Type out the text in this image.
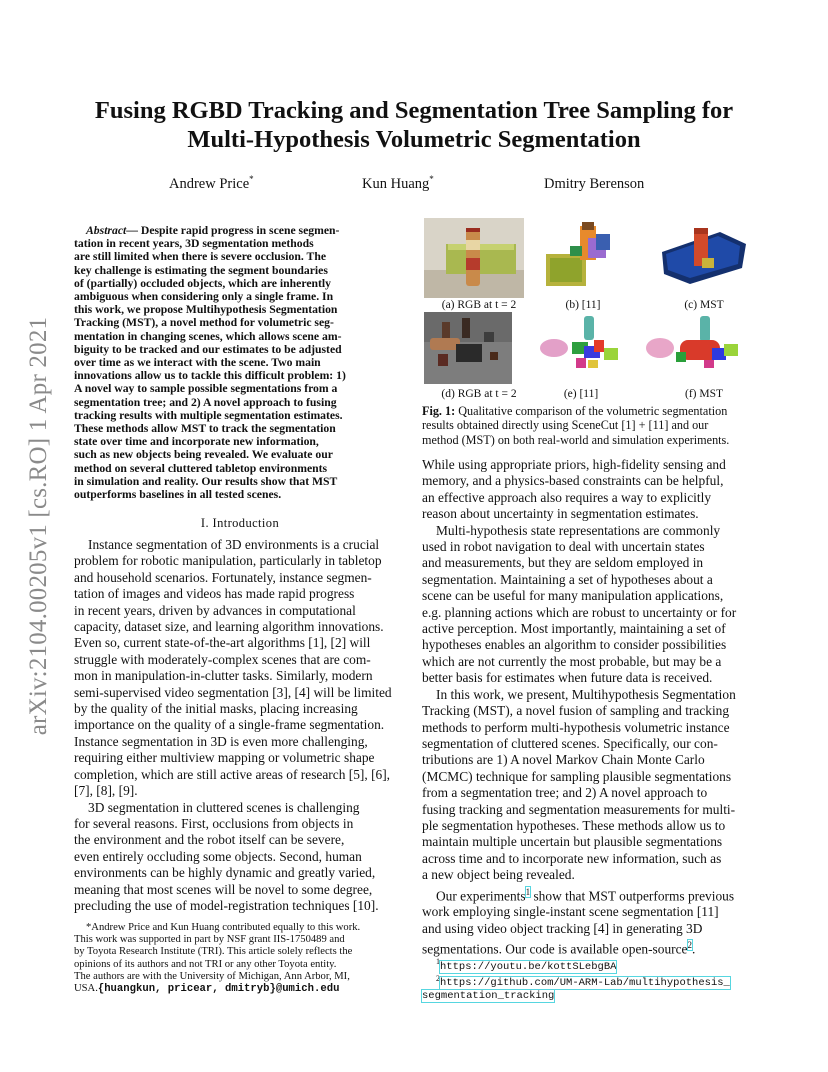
arXiv:2104.00205v1 [cs.RO] 1 Apr 2021
Fusing RGBD Tracking and Segmentation Tree Sampling for
Multi-Hypothesis Volumetric Segmentation
Andrew Price*	Kun Huang*	Dmitry Berenson
Abstract— Despite rapid progress in scene segmen-
tation in recent years, 3D segmentation methods
are still limited when there is severe occlusion. The
key challenge is estimating the segment boundaries
of (partially) occluded objects, which are inherently
ambiguous when considering only a single frame. In
this work, we propose Multihypothesis Segmentation
Tracking (MST), a novel method for volumetric seg-
mentation in changing scenes, which allows scene am-
biguity to be tracked and our estimates to be adjusted
over time as we interact with the scene. Two main
innovations allow us to tackle this difficult problem: 1)
A novel way to sample possible segmentations from a
segmentation tree; and 2) A novel approach to fusing
tracking results with multiple segmentation estimates.
These methods allow MST to track the segmentation
state over time and incorporate new information,
such as new objects being revealed. We evaluate our
method on several cluttered tabletop environments
in simulation and reality. Our results show that MST
outperforms baselines in all tested scenes.
I. Introduction
Instance segmentation of 3D environments is a crucial
problem for robotic manipulation, particularly in tabletop
and household scenarios. Fortunately, instance segmen-
tation of images and videos has made rapid progress
in recent years, driven by advances in computational
capacity, dataset size, and learning algorithm innovations.
Even so, current state-of-the-art algorithms [1], [2] will
struggle with moderately-complex scenes that are com-
mon in manipulation-in-clutter tasks. Similarly, modern
semi-supervised video segmentation [3], [4] will be limited
by the quality of the initial masks, placing increasing
importance on the quality of a single-frame segmentation.
Instance segmentation in 3D is even more challenging,
requiring either multiview mapping or volumetric shape
completion, which are still active areas of research [5], [6],
[7], [8], [9].
3D segmentation in cluttered scenes is challenging
for several reasons. First, occlusions from objects in
the environment and the robot itself can be severe,
even entirely occluding some objects. Second, human
environments can be highly dynamic and greatly varied,
meaning that most scenes will be novel to some degree,
precluding the use of model-registration techniques [10].
*Andrew Price and Kun Huang contributed equally to this work.
This work was supported in part by NSF grant IIS-1750489 and
by Toyota Research Institute (TRI). This article solely reflects the
opinions of its authors and not TRI or any other Toyota entity.
The authors are with the University of Michigan, Ann Arbor, MI,
USA.{huangkun, pricear, dmitryb}@umich.edu
(a) RGB at t = 2	(b) [11]	(c) MST
(d) RGB at t = 2	(e) [11]	(f) MST
Fig. 1: Qualitative comparison of the volumetric segmentation
results obtained directly using SceneCut [1] + [11] and our
method (MST) on both real-world and simulation experiments.
While using appropriate priors, high-fidelity sensing and
memory, and a physics-based constraints can be helpful,
an effective approach also requires a way to explicitly
reason about uncertainty in segmentation estimates.
Multi-hypothesis state representations are commonly
used in robot navigation to deal with uncertain states
and measurements, but they are seldom employed in
segmentation. Maintaining a set of hypotheses about a
scene can be useful for many manipulation applications,
e.g. planning actions which are robust to uncertainty or for
active perception. Most importantly, maintaining a set of
hypotheses enables an algorithm to consider possibilities
which are not currently the most probable, but may be a
better basis for estimates when future data is received.
In this work, we present, Multihypothesis Segmentation
Tracking (MST), a novel fusion of sampling and tracking
methods to perform multi-hypothesis volumetric instance
segmentation of cluttered scenes. Specifically, our con-
tributions are 1) A novel Markov Chain Monte Carlo
(MCMC) technique for sampling plausible segmentations
from a segmentation tree; and 2) A novel approach to
fusing tracking and segmentation measurements for multi-
ple segmentation hypotheses. These methods allow us to
maintain multiple uncertain but plausible segmentations
across time and to incorporate new information, such as
a new object being revealed.
Our experiments$^1$ show that MST outperforms previous
work employing single-instant scene segmentation [11]
and using video object tracking [4] in generating 3D
segmentations. Our code is available open-source$^2$.
$^1$https://youtu.be/kottSLebgBA
$^2$https://github.com/UM-ARM-Lab/multihypothesis_
segmentation_tracking
